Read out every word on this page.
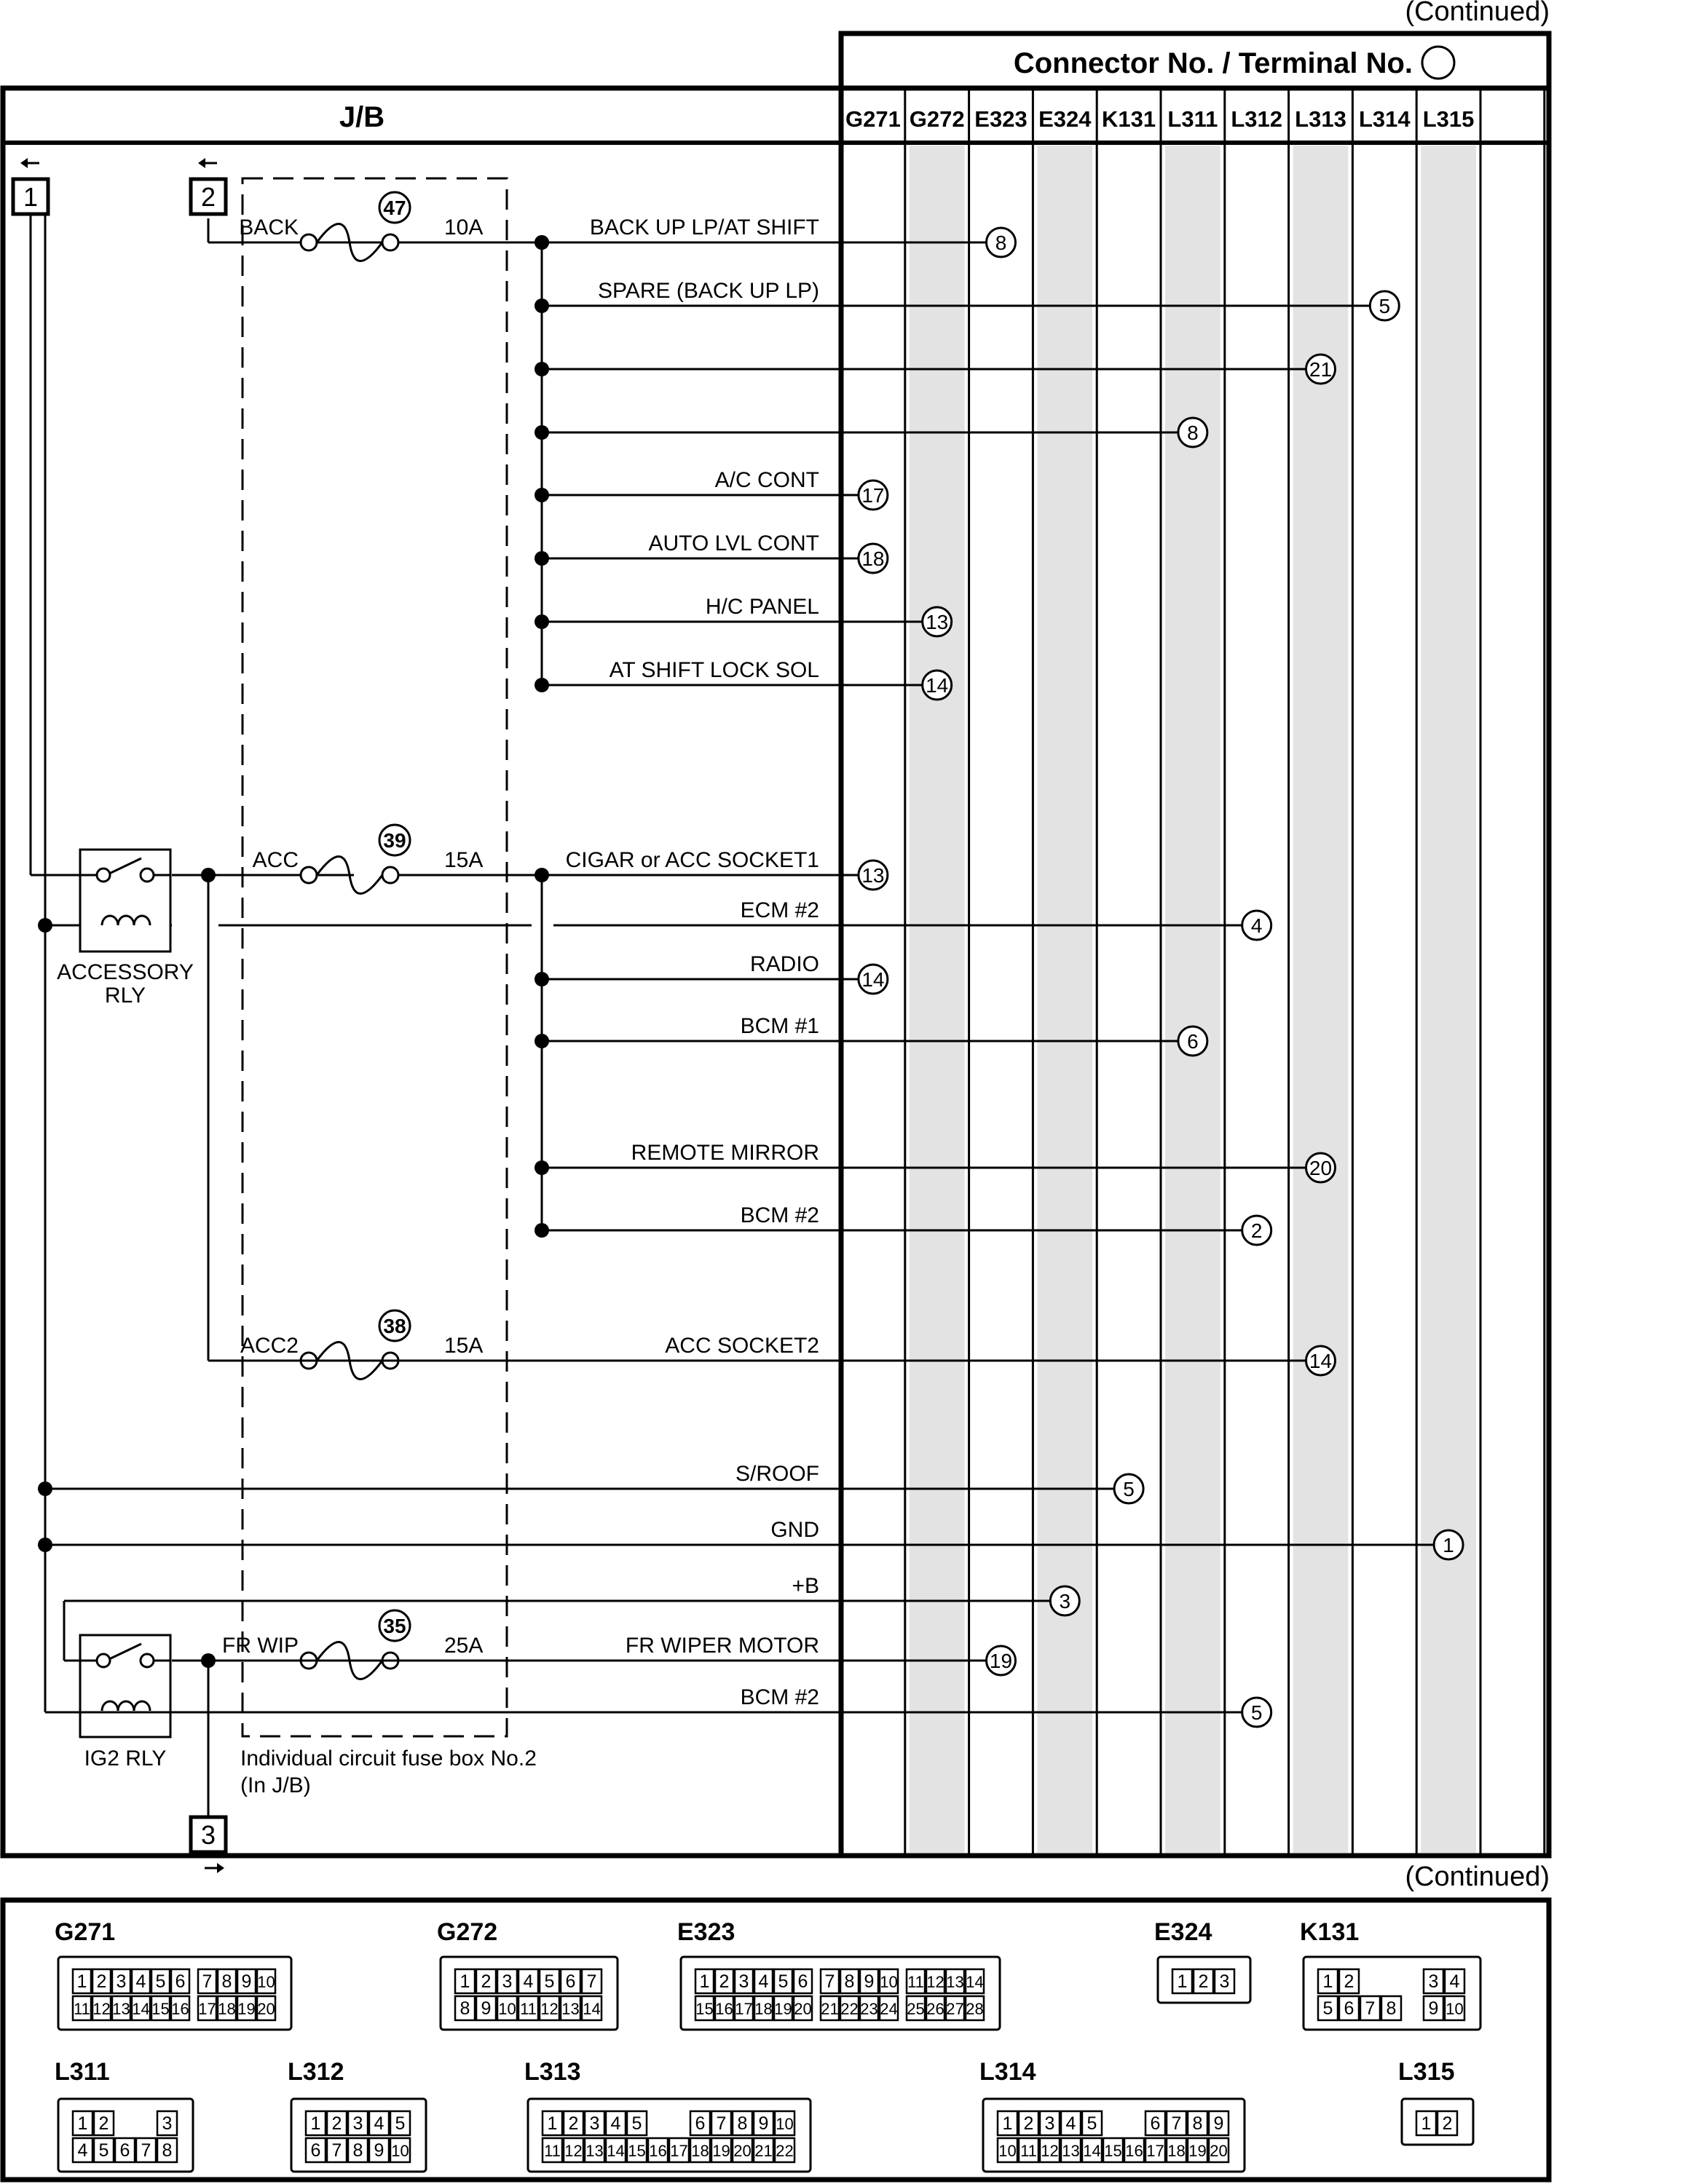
(Continued)
Connector No. / Terminal No.
J/B	G271 G272 E323 E324 K131 L311 L312 L313 L314 L315
Individual circuit fuse box No.2
(In J/B)
47
BACK	10A
39
ACC	15A
38
ACC2	15A
35
FR WIP	25A
8
BACK UP LP/AT SHIFT
5
SPARE (BACK UP LP)
21
8
17
A/C CONT
18
AUTO LVL CONT
13
H/C PANEL
14
AT SHIFT LOCK SOL
13
CIGAR or ACC SOCKET1
4
ECM #2
14
RADIO
6
BCM #1
20
REMOTE MIRROR
2
BCM #2
14
ACC SOCKET2
5
S/ROOF
1
GND
3
+B
19
FR WIPER MOTOR
5
BCM #2
1	2
3
ACCESSORY
RLY
IG2 RLY
(Continued)
G271
1 2 3 4 5 6 7 8 9 10
11 12 13 14 15 16 17 18 19 20
G272
1 2 3 4 5 6 7
8 9 10 11 12 13 14
E323
1 2 3 4 5 6 7 8 9 10 11 12 13 14
15 16 17 18 19 20 21 22 23 24 25 26 27 28
E324
1 2 3
K131
1 2	3 4
5 6 7 8 9 10
L311
1 2	3
4 5 6 7 8
L312
1 2 3 4 5
6 7 8 9 10
L313
1 2 3 4 5	6 7 8 9 10
11 12 13 14 15 16 17 18 19 20 21 22
L314
1 2 3 4 5	6 7 8 9
10 11 12 13 14 15 16 17 18 19 20
L315
1 2
